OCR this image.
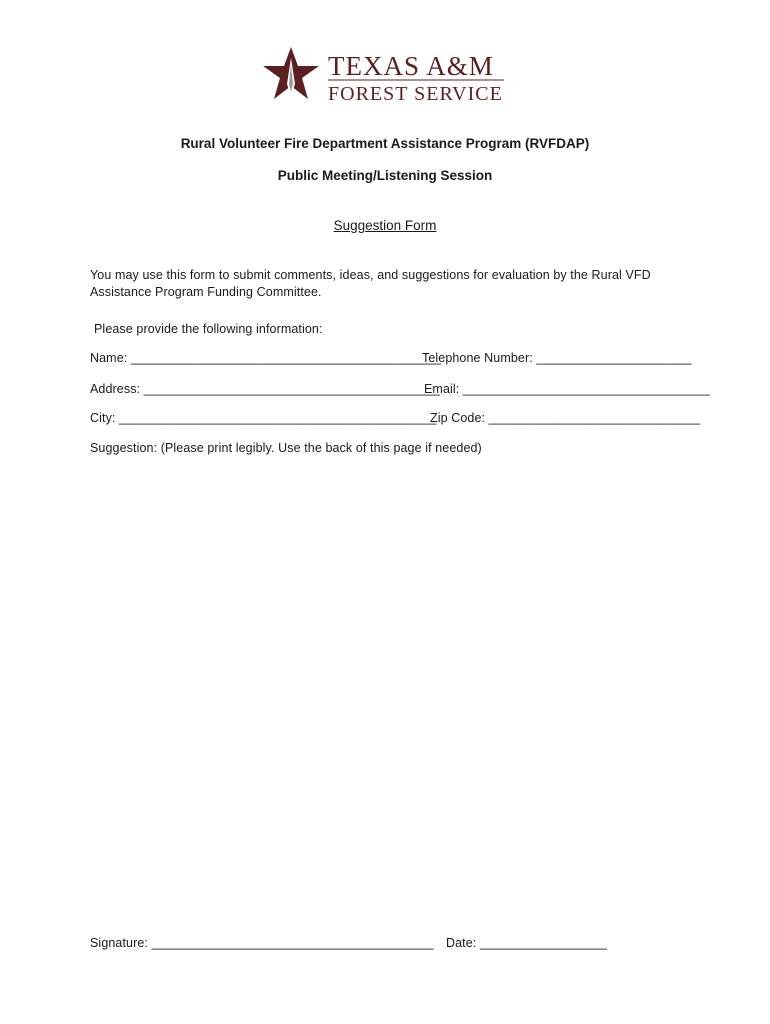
TEXAS A&M
FOREST SERVICE
Rural Volunteer Fire Department Assistance Program (RVFDAP)
Public Meeting/Listening Session
Suggestion Form
You may use this form to submit comments, ideas, and suggestions for evaluation by the Rural VFD
Assistance Program Funding Committee.
Please provide the following information:
Name: ____________________________________________
Telephone Number: ______________________
Address: __________________________________________
Email: ___________________________________
City: _____________________________________________
Zip Code: ______________________________
Suggestion: (Please print legibly. Use the back of this page if needed)
Signature: ________________________________________ Date: __________________
